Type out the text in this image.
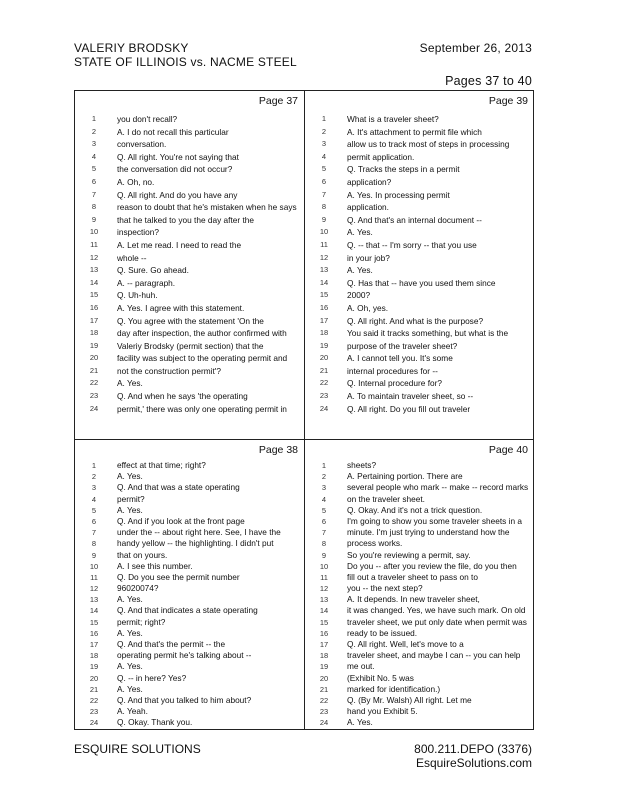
VALERIY BRODSKY
STATE OF ILLINOIS vs. NACME STEEL
September 26, 2013
Pages 37 to 40
Page 37
1	you don't recall?
2	A. I do not recall this particular
3	conversation.
4	Q. All right. You're not saying that
5	the conversation did not occur?
6	A. Oh, no.
7	Q. All right. And do you have any
8	reason to doubt that he's mistaken when he says
9	that he talked to you the day after the
10	inspection?
11	A. Let me read. I need to read the
12	whole --
13	Q. Sure. Go ahead.
14	A. -- paragraph.
15	Q. Uh-huh.
16	A. Yes. I agree with this statement.
17	Q. You agree with the statement 'On the
18	day after inspection, the author confirmed with
19	Valeriy Brodsky (permit section) that the
20	facility was subject to the operating permit and
21	not the construction permit'?
22	A. Yes.
23	Q. And when he says 'the operating
24	permit,' there was only one operating permit in
Page 39
1	What is a traveler sheet?
2	A. It's attachment to permit file which
3	allow us to track most of steps in processing
4	permit application.
5	Q. Tracks the steps in a permit
6	application?
7	A. Yes. In processing permit
8	application.
9	Q. And that's an internal document --
10	A. Yes.
11	Q. -- that -- I'm sorry -- that you use
12	in your job?
13	A. Yes.
14	Q. Has that -- have you used them since
15	2000?
16	A. Oh, yes.
17	Q. All right. And what is the purpose?
18	You said it tracks something, but what is the
19	purpose of the traveler sheet?
20	A. I cannot tell you. It's some
21	internal procedures for --
22	Q. Internal procedure for?
23	A. To maintain traveler sheet, so --
24	Q. All right. Do you fill out traveler
Page 38
1	effect at that time; right?
2	A. Yes.
3	Q. And that was a state operating
4	permit?
5	A. Yes.
6	Q. And if you look at the front page
7	under the -- about right here. See, I have the
8	handy yellow -- the highlighting. I didn't put
9	that on yours.
10	A. I see this number.
11	Q. Do you see the permit number
12	96020074?
13	A. Yes.
14	Q. And that indicates a state operating
15	permit; right?
16	A. Yes.
17	Q. And that's the permit -- the
18	operating permit he's talking about --
19	A. Yes.
20	Q. -- in here? Yes?
21	A. Yes.
22	Q. And that you talked to him about?
23	A. Yeah.
24	Q. Okay. Thank you.
Page 40
1	sheets?
2	A. Pertaining portion. There are
3	several people who mark -- make -- record marks
4	on the traveler sheet.
5	Q. Okay. And it's not a trick question.
6	I'm going to show you some traveler sheets in a
7	minute. I'm just trying to understand how the
8	process works.
9	So you're reviewing a permit, say.
10	Do you -- after you review the file, do you then
11	fill out a traveler sheet to pass on to
12	you -- the next step?
13	A. It depends. In new traveler sheet,
14	it was changed. Yes, we have such mark. On old
15	traveler sheet, we put only date when permit was
16	ready to be issued.
17	Q. All right. Well, let's move to a
18	traveler sheet, and maybe I can -- you can help
19	me out.
20	(Exhibit No. 5 was
21	marked for identification.)
22	Q. (By Mr. Walsh) All right. Let me
23	hand you Exhibit 5.
24	A. Yes.
ESQUIRE SOLUTIONS	800.211.DEPO (3376)
EsquireSolutions.com
